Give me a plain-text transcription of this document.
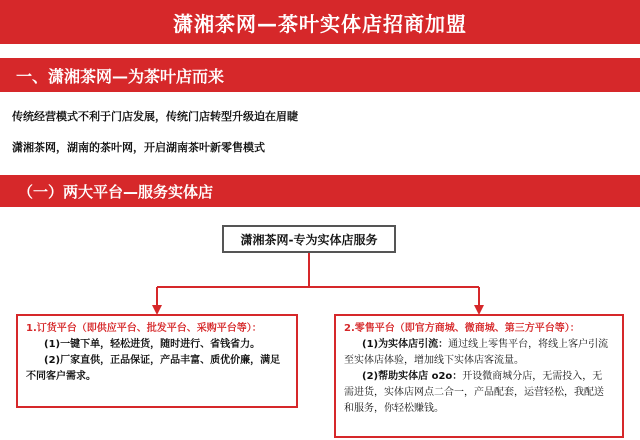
潇湘茶网—茶叶实体店招商加盟
一、潇湘茶网—为茶叶店而来
传统经营模式不利于门店发展，传统门店转型升级迫在眉睫
潇湘茶网，湖南的茶叶网，开启湖南茶叶新零售模式
（一）两大平台—服务实体店
潇湘茶网-专为实体店服务
1.订货平台（即供应平台、批发平台、采购平台等）：
(1)一键下单，轻松进货，随时进行、省钱省力。
(2)厂家直供，正品保证，产品丰富、质优价廉，满足
不同客户需求。
2.零售平台（即官方商城、微商城、第三方平台等）：
(1)为实体店引流：通过线上零售平台，将线上客户引流
至实体店体验，增加线下实体店客流量。
(2)帮助实体店 o2o：开设微商城分店，无需投入，无
需进货，实体店网点二合一，产品配套，运营轻松，我配送
和服务，你轻松赚钱。
